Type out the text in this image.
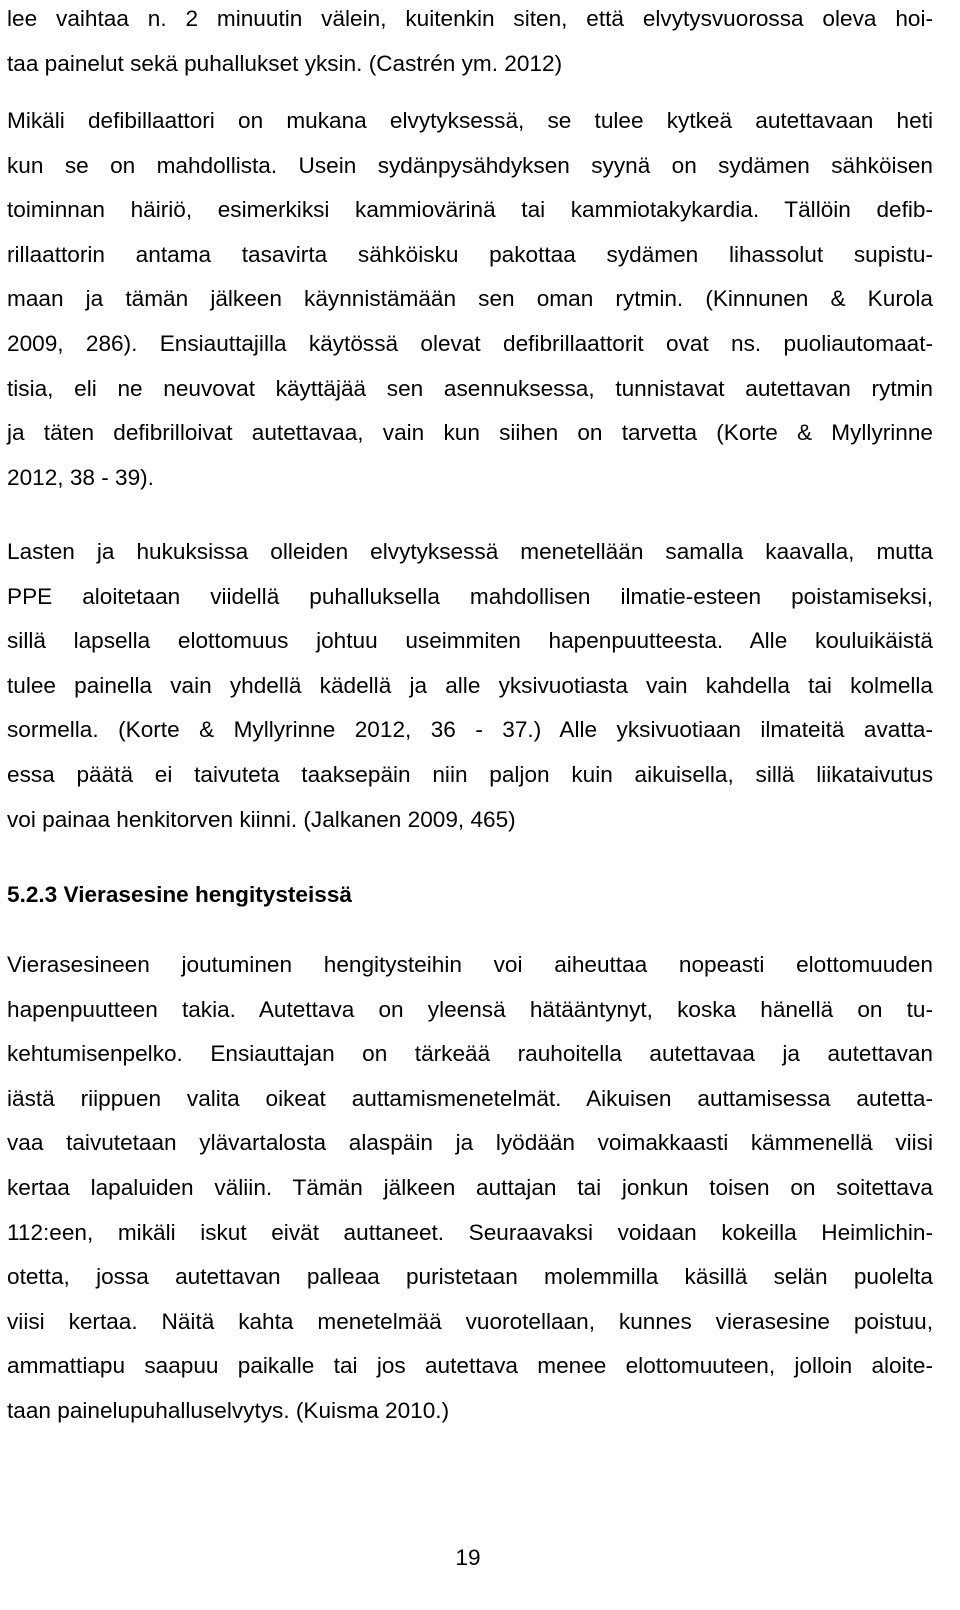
lee vaihtaa n. 2 minuutin välein, kuitenkin siten, että elvytysvuorossa oleva hoi-
taa painelut sekä puhallukset yksin. (Castrén ym. 2012)
Mikäli defibillaattori on mukana elvytyksessä, se tulee kytkeä autettavaan heti
kun se on mahdollista. Usein sydänpysähdyksen syynä on sydämen sähköisen
toiminnan häiriö, esimerkiksi kammiovärinä tai kammiotakykardia. Tällöin defib-
rillaattorin antama tasavirta sähköisku pakottaa sydämen lihassolut supistu-
maan ja tämän jälkeen käynnistämään sen oman rytmin. (Kinnunen & Kurola
2009, 286). Ensiauttajilla käytössä olevat defibrillaattorit ovat ns. puoliautomaat-
tisia, eli ne neuvovat käyttäjää sen asennuksessa, tunnistavat autettavan rytmin
ja täten defibrilloivat autettavaa, vain kun siihen on tarvetta (Korte & Myllyrinne
2012, 38 - 39).
Lasten ja hukuksissa olleiden elvytyksessä menetellään samalla kaavalla, mutta
PPE aloitetaan viidellä puhalluksella mahdollisen ilmatie-esteen poistamiseksi,
sillä lapsella elottomuus johtuu useimmiten hapenpuutteesta. Alle kouluikäistä
tulee painella vain yhdellä kädellä ja alle yksivuotiasta vain kahdella tai kolmella
sormella. (Korte & Myllyrinne 2012, 36 - 37.) Alle yksivuotiaan ilmateitä avatta-
essa päätä ei taivuteta taaksepäin niin paljon kuin aikuisella, sillä liikataivutus
voi painaa henkitorven kiinni. (Jalkanen 2009, 465)
Vierasesineen joutuminen hengitysteihin voi aiheuttaa nopeasti elottomuuden
hapenpuutteen takia. Autettava on yleensä hätääntynyt, koska hänellä on tu-
kehtumisenpelko. Ensiauttajan on tärkeää rauhoitella autettavaa ja autettavan
iästä riippuen valita oikeat auttamismenetelmät. Aikuisen auttamisessa autetta-
vaa taivutetaan ylävartalosta alaspäin ja lyödään voimakkaasti kämmenellä viisi
kertaa lapaluiden väliin. Tämän jälkeen auttajan tai jonkun toisen on soitettava
112:een, mikäli iskut eivät auttaneet. Seuraavaksi voidaan kokeilla Heimlichin-
otetta, jossa autettavan palleaa puristetaan molemmilla käsillä selän puolelta
viisi kertaa. Näitä kahta menetelmää vuorotellaan, kunnes vierasesine poistuu,
ammattiapu saapuu paikalle tai jos autettava menee elottomuuteen, jolloin aloite-
taan painelupuhalluselvytys. (Kuisma 2010.)
5.2.3 Vierasesine hengitysteissä
19
